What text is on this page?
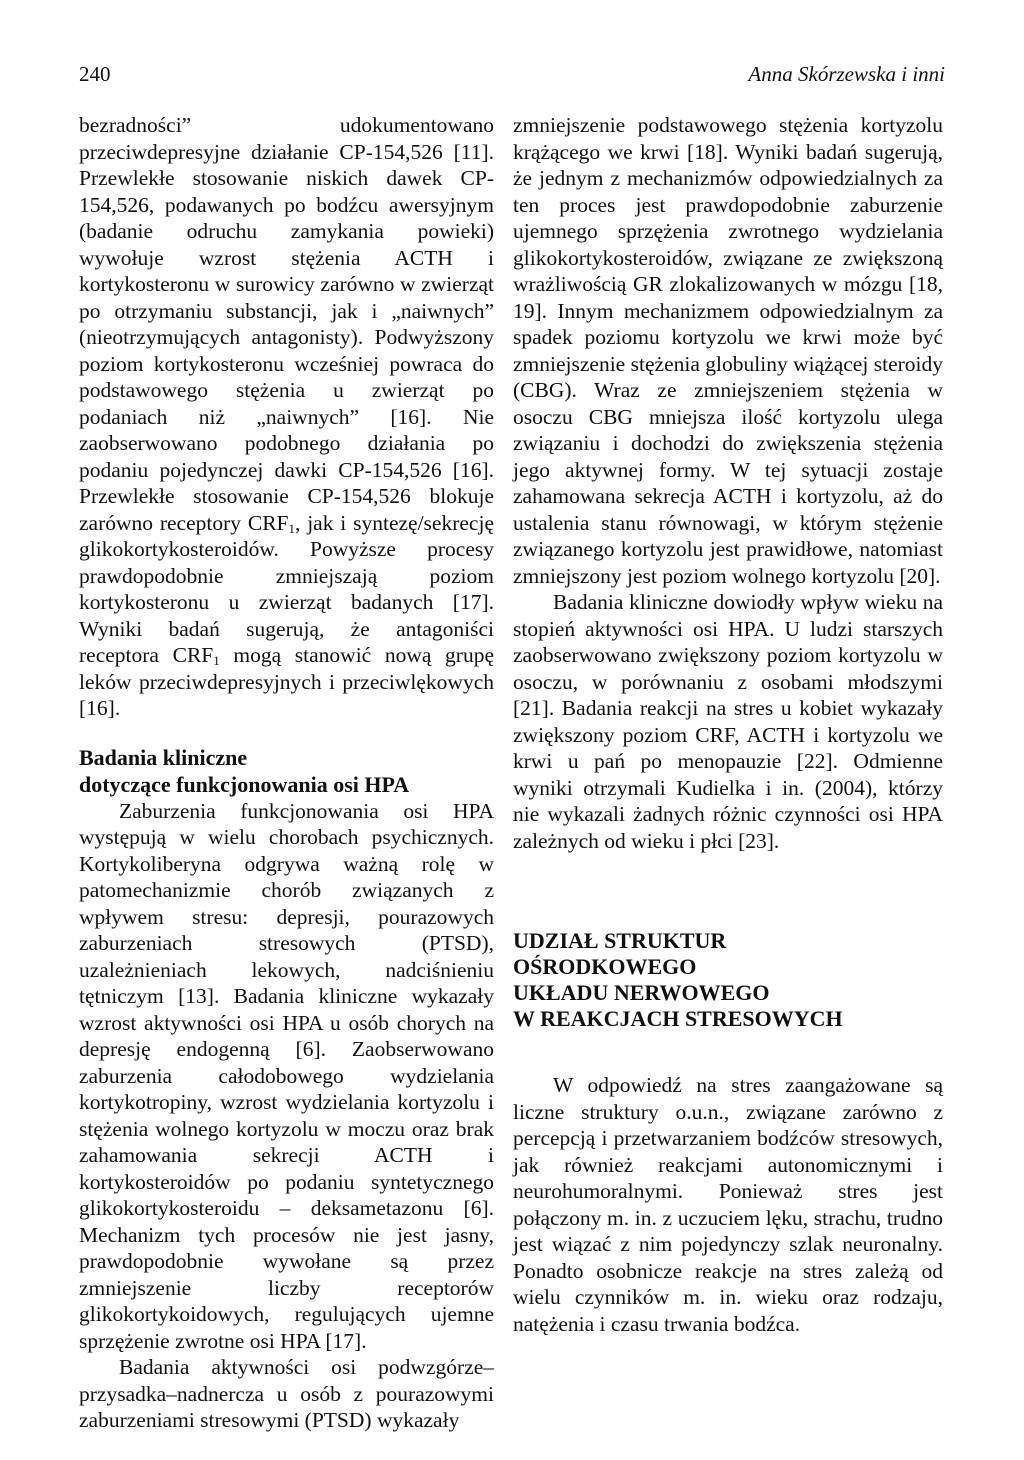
240	Anna Skórzewska i inni

bezradności” udokumentowano przeciwdepresyjne działanie CP-154,526 [11]. Przewlekłe stosowanie niskich dawek CP-154,526, podawanych po bodźcu awersyjnym (badanie odruchu zamykania powieki) wywołuje wzrost stężenia ACTH i kortykosteronu w surowicy zarówno w zwierząt po otrzymaniu substancji, jak i „naiwnych” (nieotrzymujących antagonisty). Podwyższony poziom kortykosteronu wcześniej powraca do podstawowego stężenia u zwierząt po podaniach niż „naiwnych” [16]. Nie zaobserwowano podobnego działania po podaniu pojedynczej dawki CP-154,526 [16]. Przewlekłe stosowanie CP-154,526 blokuje zarówno receptory $CRF_1$, jak i syntezę/sekrecję glikokortykosteroidów. Powyższe procesy prawdopodobnie zmniejszają poziom kortykosteronu u zwierząt badanych [17]. Wyniki badań sugerują, że antagoniści receptora $CRF_1$ mogą stanowić nową grupę leków przeciwdepresyjnych i przeciwlękowych [16].

Badania kliniczne
dotyczące funkcjonowania osi HPA

Zaburzenia funkcjonowania osi HPA występują w wielu chorobach psychicznych. Kortykoliberyna odgrywa ważną rolę w patomechanizmie chorób związanych z wpływem stresu: depresji, pourazowych zaburzeniach stresowych (PTSD), uzależnieniach lekowych, nadciśnieniu tętniczym [13]. Badania kliniczne wykazały wzrost aktywności osi HPA u osób chorych na depresję endogenną [6]. Zaobserwowano zaburzenia całodobowego wydzielania kortykotropiny, wzrost wydzielania kortyzolu i stężenia wolnego kortyzolu w moczu oraz brak zahamowania sekrecji ACTH i kortykosteroidów po podaniu syntetycznego glikokortykosteroidu – deksametazonu [6]. Mechanizm tych procesów nie jest jasny, prawdopodobnie wywołane są przez zmniejszenie liczby receptorów glikokortykoidowych, regulujących ujemne sprzężenie zwrotne osi HPA [17].

Badania aktywności osi podwzgórze–przysadka–nadnercza u osób z pourazowymi zaburzeniami stresowymi (PTSD) wykazały

zmniejszenie podstawowego stężenia kortyzolu krążącego we krwi [18]. Wyniki badań sugerują, że jednym z mechanizmów odpowiedzialnych za ten proces jest prawdopodobnie zaburzenie ujemnego sprzężenia zwrotnego wydzielania glikokortykosteroidów, związane ze zwiększoną wrażliwością GR zlokalizowanych w mózgu [18, 19]. Innym mechanizmem odpowiedzialnym za spadek poziomu kortyzolu we krwi może być zmniejszenie stężenia globuliny wiążącej steroidy (CBG). Wraz ze zmniejszeniem stężenia w osoczu CBG mniejsza ilość kortyzolu ulega związaniu i dochodzi do zwiększenia stężenia jego aktywnej formy. W tej sytuacji zostaje zahamowana sekrecja ACTH i kortyzolu, aż do ustalenia stanu równowagi, w którym stężenie związanego kortyzolu jest prawidłowe, natomiast zmniejszony jest poziom wolnego kortyzolu [20].

Badania kliniczne dowiodły wpływ wieku na stopień aktywności osi HPA. U ludzi starszych zaobserwowano zwiększony poziom kortyzolu w osoczu, w porównaniu z osobami młodszymi [21]. Badania reakcji na stres u kobiet wykazały zwiększony poziom CRF, ACTH i kortyzolu we krwi u pań po menopauzie [22]. Odmienne wyniki otrzymali Kudielka i in. (2004), którzy nie wykazali żadnych różnic czynności osi HPA zależnych od wieku i płci [23].

UDZIAŁ STRUKTUR
OŚRODKOWEGO
UKŁADU NERWOWEGO
W REAKCJACH STRESOWYCH

W odpowiedź na stres zaangażowane są liczne struktury o.u.n., związane zarówno z percepcją i przetwarzaniem bodźców stresowych, jak również reakcjami autonomicznymi i neurohumoralnymi. Ponieważ stres jest połączony m. in. z uczuciem lęku, strachu, trudno jest wiązać z nim pojedynczy szlak neuronalny. Ponadto osobnicze reakcje na stres zależą od wielu czynników m. in. wieku oraz rodzaju, natężenia i czasu trwania bodźca.
